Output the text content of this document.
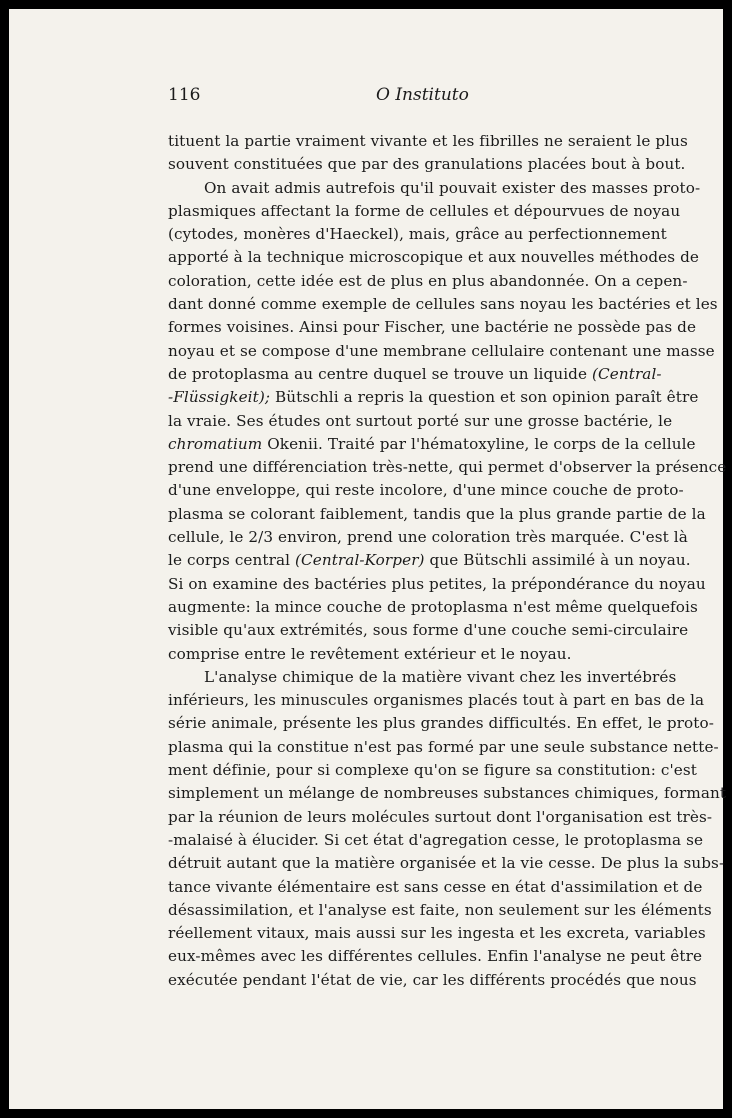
116	O Instituto
tituent la partie vraiment vivante et les fibrilles ne seraient le plus
souvent constituées que par des granulations placées bout à bout.
On avait admis autrefois qu'il pouvait exister des masses proto-
plasmiques affectant la forme de cellules et dépourvues de noyau
(cytodes, monères d'Haeckel), mais, grâce au perfectionnement
apporté à la technique microscopique et aux nouvelles méthodes de
coloration, cette idée est de plus en plus abandonnée. On a cepen-
dant donné comme exemple de cellules sans noyau les bactéries et les
formes voisines. Ainsi pour Fischer, une bactérie ne possède pas de
noyau et se compose d'une membrane cellulaire contenant une masse
de protoplasma au centre duquel se trouve un liquide (Central-
-Flüssigkeit); Bütschli a repris la question et son opinion paraît être
la vraie. Ses études ont surtout porté sur une grosse bactérie, le
chromatium Okenii. Traité par l'hématoxyline, le corps de la cellule
prend une différenciation très-nette, qui permet d'observer la présence
d'une enveloppe, qui reste incolore, d'une mince couche de proto-
plasma se colorant faiblement, tandis que la plus grande partie de la
cellule, le 2/3 environ, prend une coloration très marquée. C'est là
le corps central (Central-Korper) que Bütschli assimilé à un noyau.
Si on examine des bactéries plus petites, la prépondérance du noyau
augmente: la mince couche de protoplasma n'est même quelquefois
visible qu'aux extrémités, sous forme d'une couche semi-circulaire
comprise entre le revêtement extérieur et le noyau.
L'analyse chimique de la matière vivant chez les invertébrés
inférieurs, les minuscules organismes placés tout à part en bas de la
série animale, présente les plus grandes difficultés. En effet, le proto-
plasma qui la constitue n'est pas formé par une seule substance nette-
ment définie, pour si complexe qu'on se figure sa constitution: c'est
simplement un mélange de nombreuses substances chimiques, formant
par la réunion de leurs molécules surtout dont l'organisation est très-
-malaisé à élucider. Si cet état d'agregation cesse, le protoplasma se
détruit autant que la matière organisée et la vie cesse. De plus la subs-
tance vivante élémentaire est sans cesse en état d'assimilation et de
désassimilation, et l'analyse est faite, non seulement sur les éléments
réellement vitaux, mais aussi sur les ingesta et les excreta, variables
eux-mêmes avec les différentes cellules. Enfin l'analyse ne peut être
exécutée pendant l'état de vie, car les différents procédés que nous
